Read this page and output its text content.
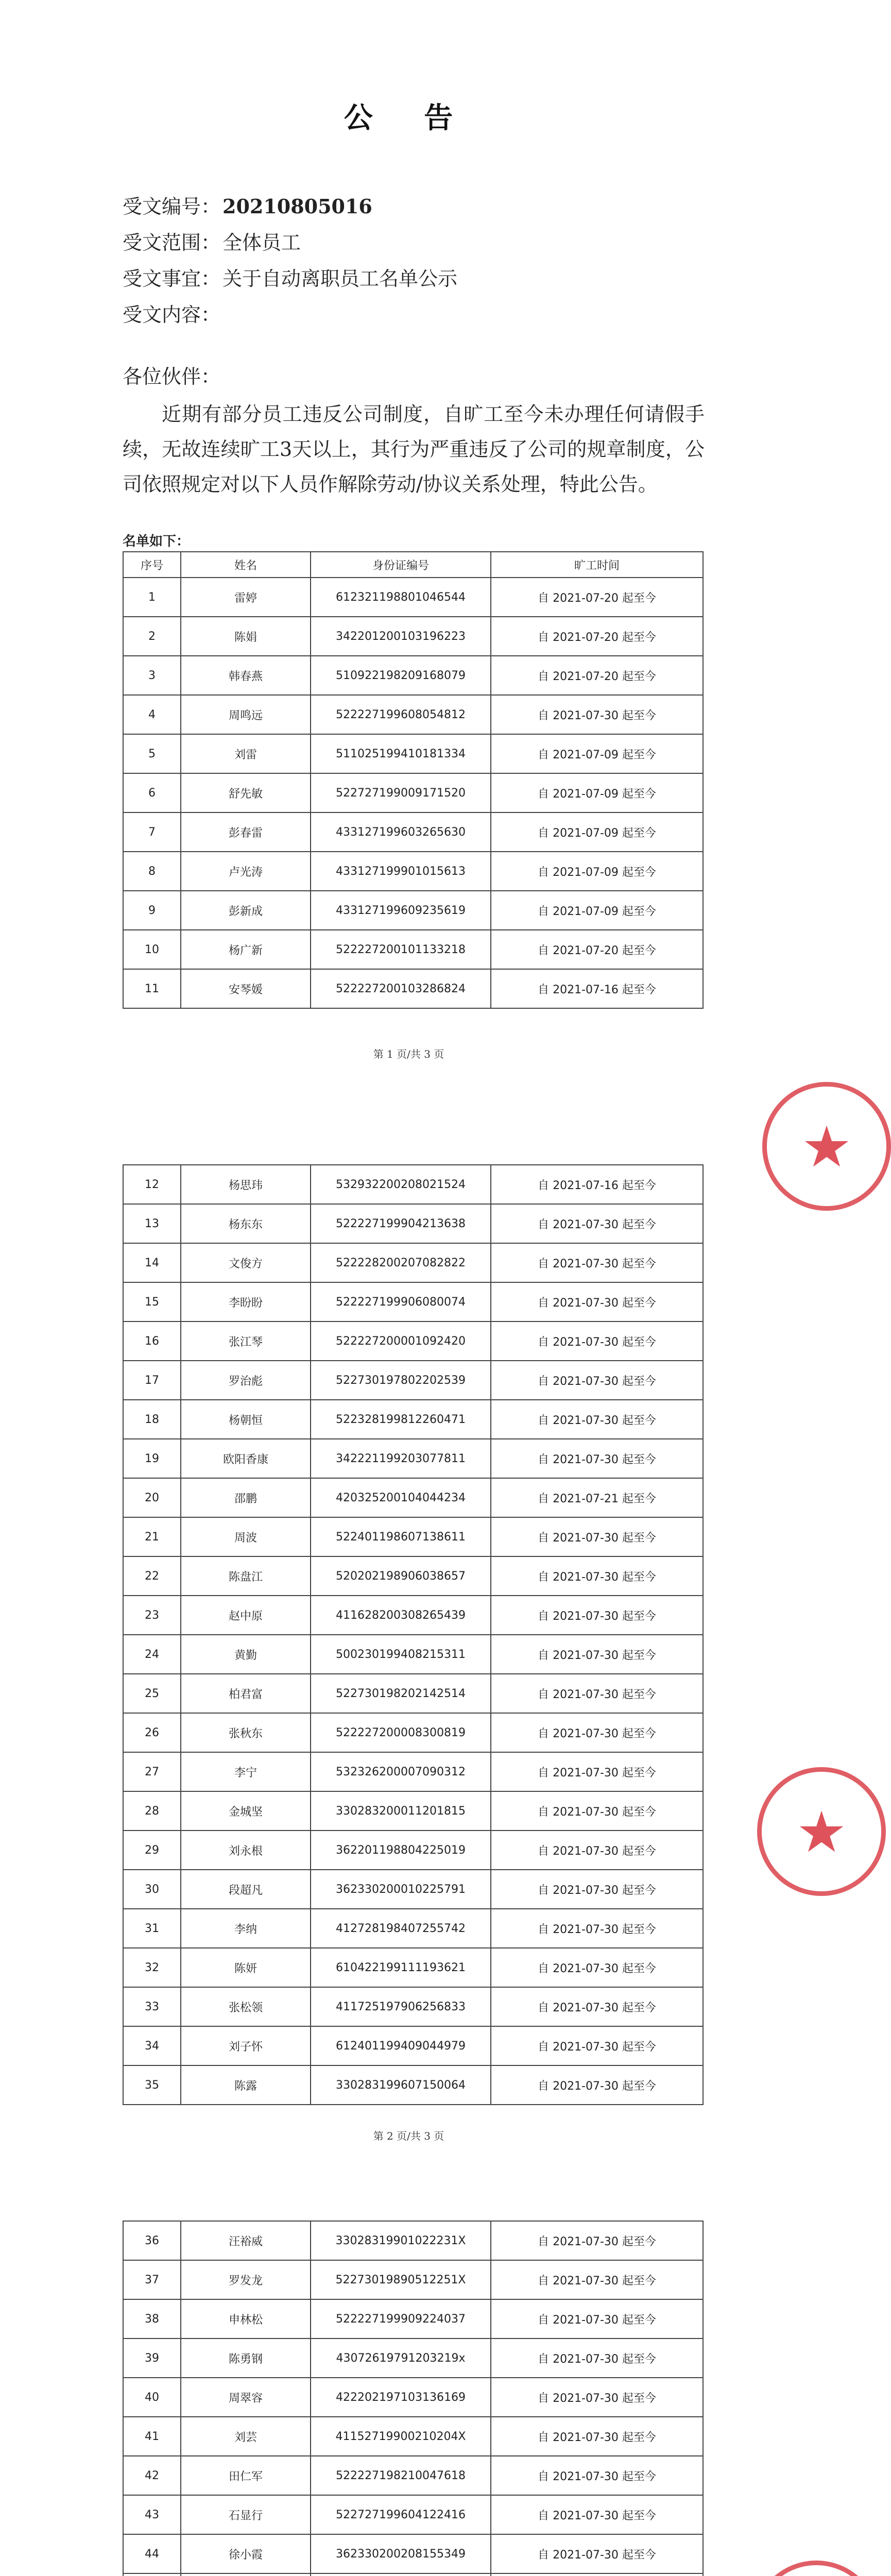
公 告
受文编号： 20210805016
受文范围： 全体员工
受文事宜： 关于自动离职员工名单公示
受文内容：
各位伙伴：
近期有部分员工违反公司制度，自旷工至今未办理任何请假手续，无故连续旷工3天以上，其行为严重违反了公司的规章制度，公司依照规定对以下人员作解除劳动/协议关系处理，特此公告。
名单如下：
序号	姓名	身份证编号	旷工时间
1	雷婷	612321198801046544	自 2021-07-20 起至今
2	陈娟	342201200103196223	自 2021-07-20 起至今
3	韩春燕	510922198209168079	自 2021-07-20 起至今
4	周鸣远	522227199608054812	自 2021-07-30 起至今
5	刘雷	511025199410181334	自 2021-07-09 起至今
6	舒先敏	522727199009171520	自 2021-07-09 起至今
7	彭春雷	433127199603265630	自 2021-07-09 起至今
8	卢光涛	433127199901015613	自 2021-07-09 起至今
9	彭新成	433127199609235619	自 2021-07-09 起至今
10	杨广新	522227200101133218	自 2021-07-20 起至今
11	安琴媛	522227200103286824	自 2021-07-16 起至今
第 1 页/共 3 页
★
12	杨思玮	532932200208021524	自 2021-07-16 起至今
13	杨东东	522227199904213638	自 2021-07-30 起至今
14	文俊方	522228200207082822	自 2021-07-30 起至今
15	李盼盼	522227199906080074	自 2021-07-30 起至今
16	张江琴	522227200001092420	自 2021-07-30 起至今
17	罗治彪	522730197802202539	自 2021-07-30 起至今
18	杨朝恒	522328199812260471	自 2021-07-30 起至今
19	欧阳香康	342221199203077811	自 2021-07-30 起至今
20	邵鹏	420325200104044234	自 2021-07-21 起至今
21	周波	522401198607138611	自 2021-07-30 起至今
22	陈盘江	520202198906038657	自 2021-07-30 起至今
23	赵中原	411628200308265439	自 2021-07-30 起至今
24	黄勤	500230199408215311	自 2021-07-30 起至今
25	柏君富	522730198202142514	自 2021-07-30 起至今
26	张秋东	522227200008300819	自 2021-07-30 起至今
27	李宁	532326200007090312	自 2021-07-30 起至今
28	金城坚	330283200011201815	自 2021-07-30 起至今
29	刘永根	362201198804225019	自 2021-07-30 起至今
30	段超凡	362330200010225791	自 2021-07-30 起至今
31	李纳	412728198407255742	自 2021-07-30 起至今
32	陈妍	610422199111193621	自 2021-07-30 起至今
33	张松领	411725197906256833	自 2021-07-30 起至今
34	刘子怀	612401199409044979	自 2021-07-30 起至今
35	陈露	330283199607150064	自 2021-07-30 起至今
第 2 页/共 3 页
★
36	汪裕威	33028319901022231X	自 2021-07-30 起至今
37	罗发龙	52273019890512251X	自 2021-07-30 起至今
38	申林松	522227199909224037	自 2021-07-30 起至今
39	陈勇钢	43072619791203219x	自 2021-07-30 起至今
40	周翠容	422202197103136169	自 2021-07-30 起至今
41	刘芸	41152719900210204X	自 2021-07-30 起至今
42	田仁军	522227198210047618	自 2021-07-30 起至今
43	石显行	522727199604122416	自 2021-07-30 起至今
44	徐小霞	362330200208155349	自 2021-07-30 起至今
